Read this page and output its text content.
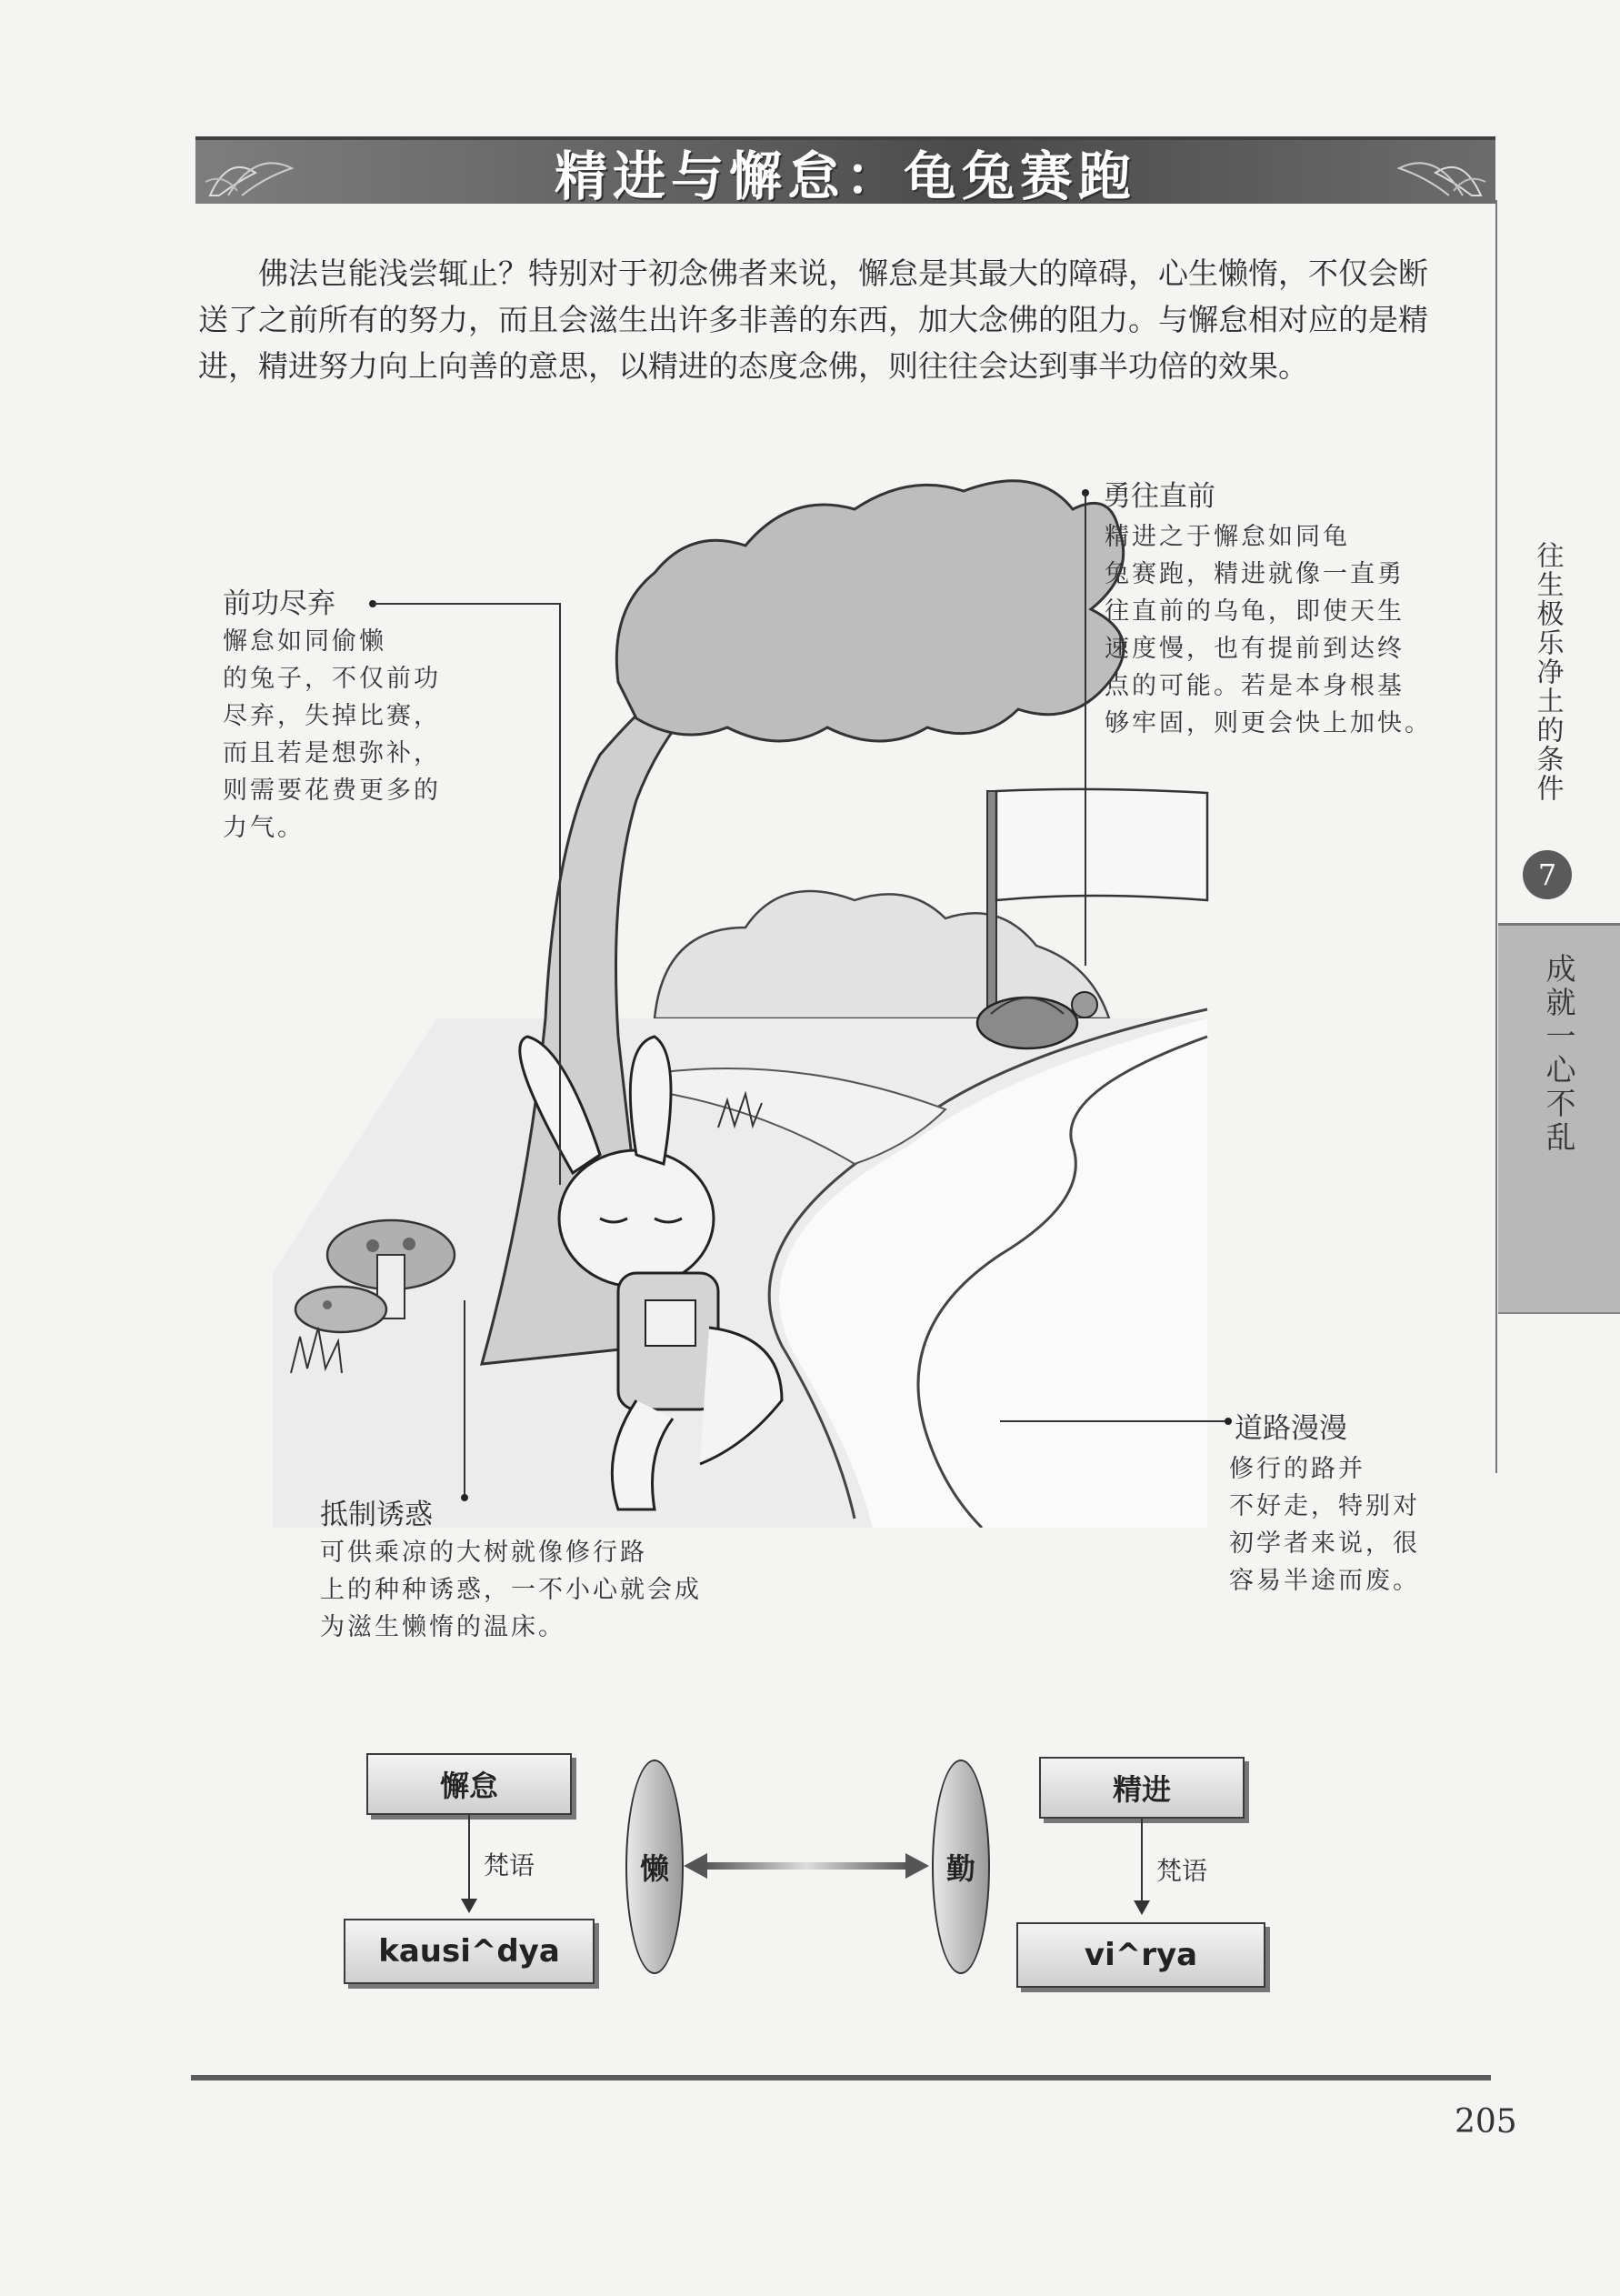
精进与懈怠：龟兔赛跑

佛法岂能浅尝辄止？特别对于初念佛者来说，懈怠是其最大的障碍，心生懒惰，不仅会断送了之前所有的努力，而且会滋生出许多非善的东西，加大念佛的阻力。与懈怠相对应的是精进，精进努力向上向善的意思，以精进的态度念佛，则往往会达到事半功倍的效果。

前功尽弃
懈怠如同偷懒
的兔子，不仅前功
尽弃，失掉比赛，
而且若是想弥补，
则需要花费更多的
力气。
勇往直前
精进之于懈怠如同龟
兔赛跑，精进就像一直勇
往直前的乌龟，即使天生
速度慢，也有提前到达终
点的可能。若是本身根基
够牢固，则更会快上加快。
抵制诱惑
可供乘凉的大树就像修行路
上的种种诱惑，一不小心就会成
为滋生懒惰的温床。
道路漫漫
修行的路并
不好走，特别对
初学者来说，很
容易半途而废。
往生极乐净土的条件
7
成就一心不乱
懈怠
梵语
kausi^dya
懒	勤
精进
梵语
vi^rya
205
